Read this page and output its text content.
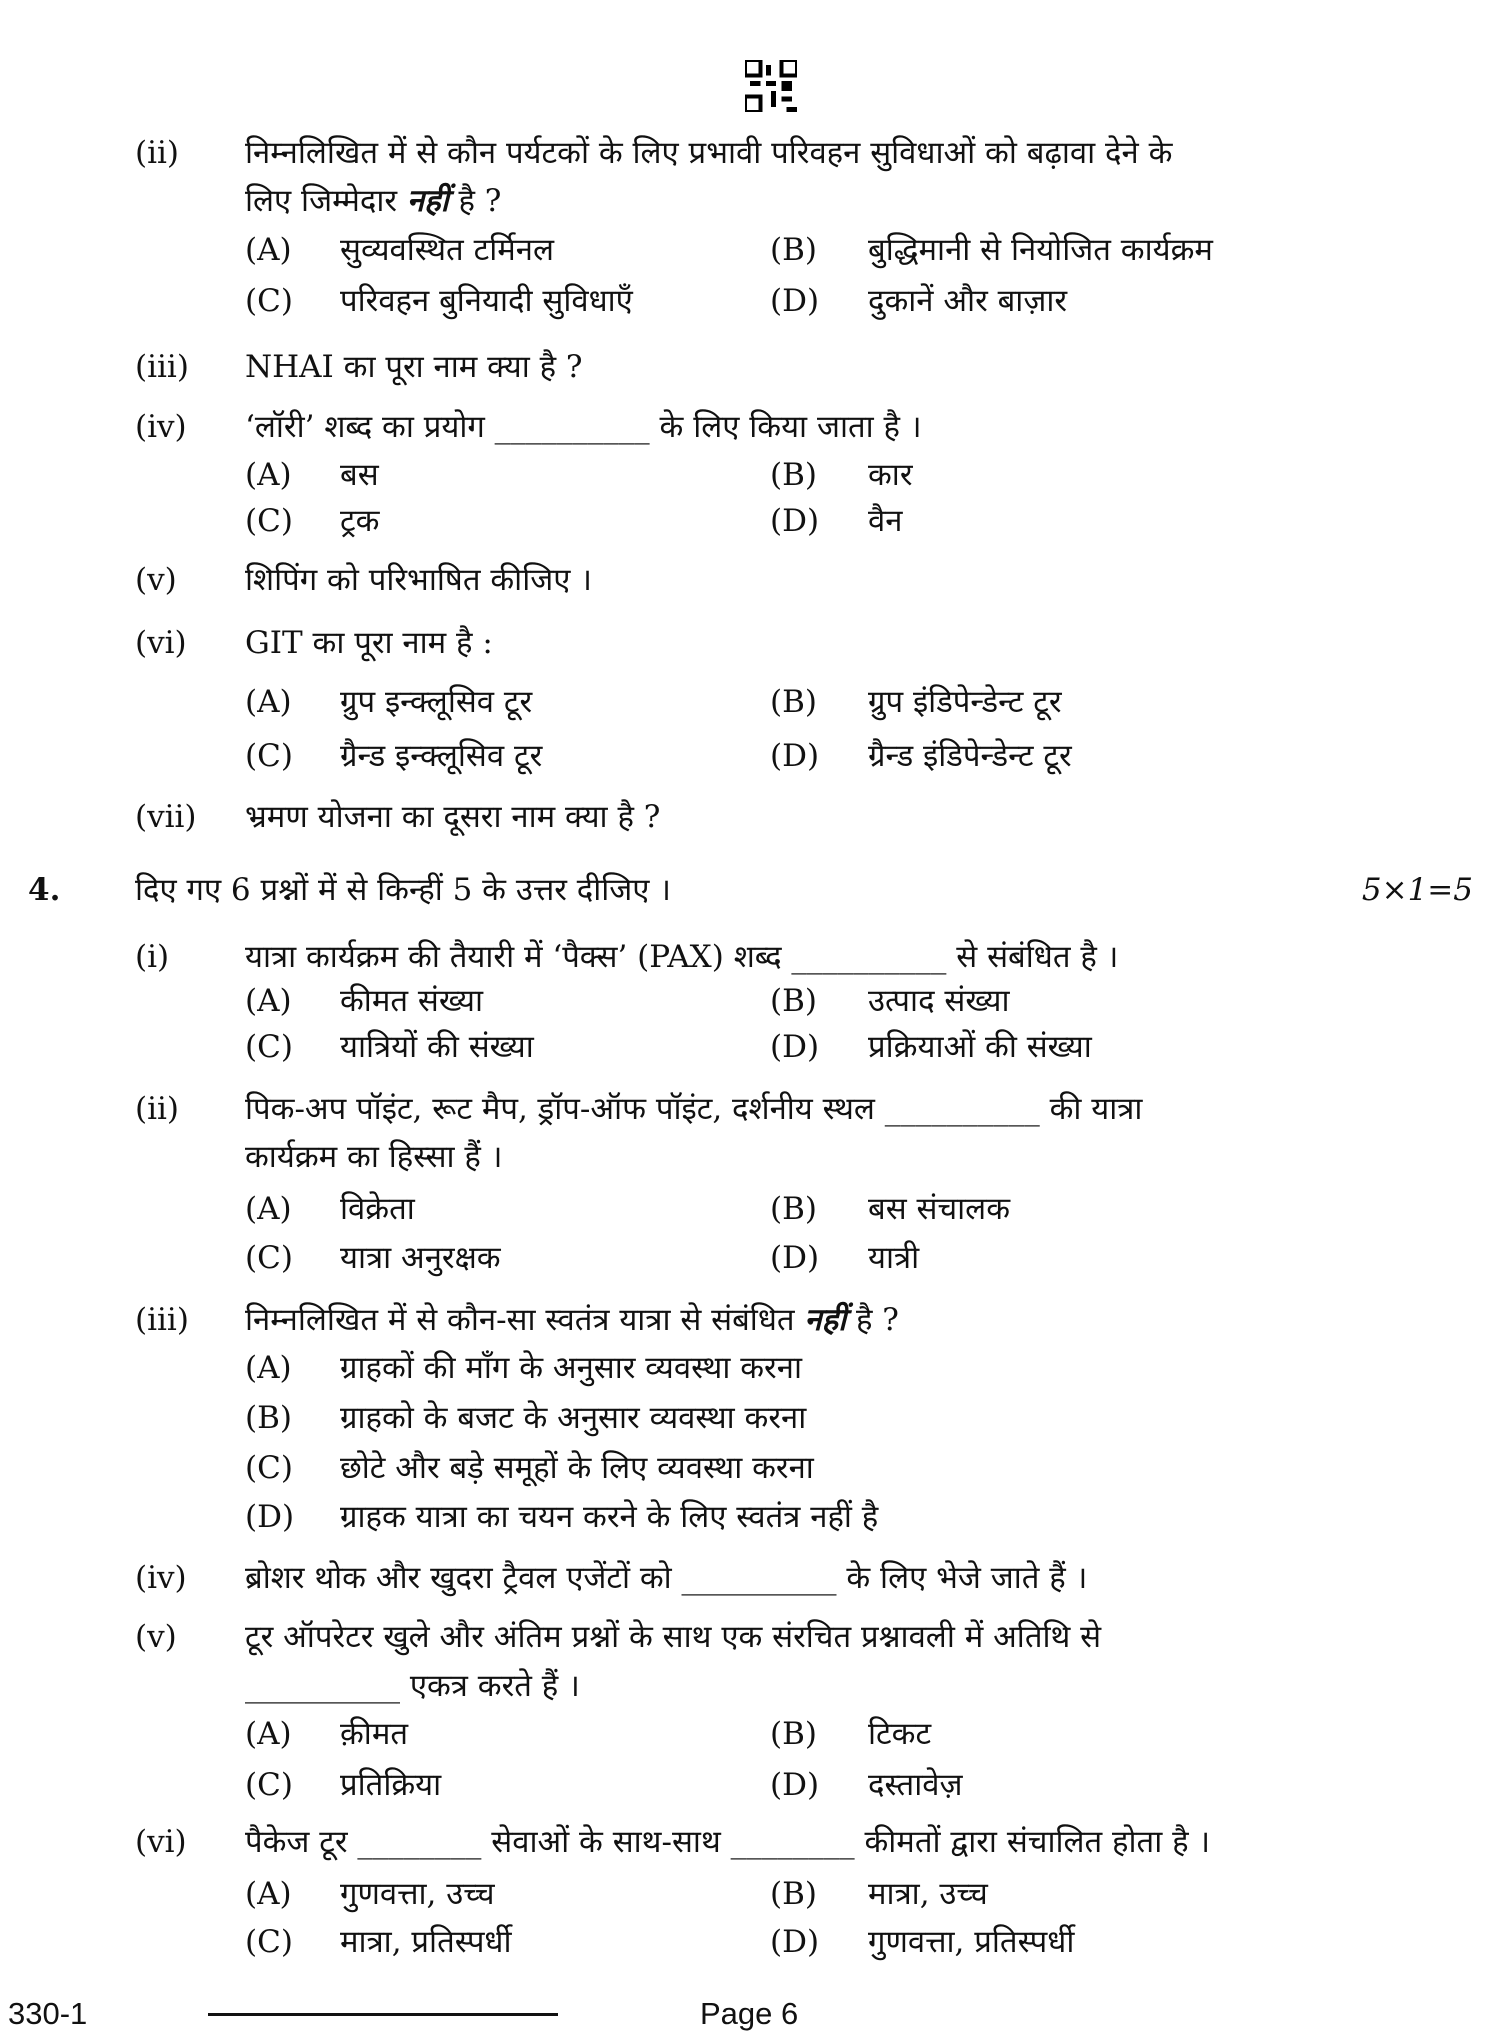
(ii) निम्नलिखित में से कौन पर्यटकों के लिए प्रभावी परिवहन सुविधाओं को बढ़ावा देने के
लिए जिम्मेदार नहीं है ?
(A) सुव्यवस्थित टर्मिनल	(B) बुद्धिमानी से नियोजित कार्यक्रम
(C) परिवहन बुनियादी सुविधाएँ	(D) दुकानें और बाज़ार
(iii) NHAI का पूरा नाम क्या है ?
(iv) ‘लॉरी’ शब्द का प्रयोग __________ के लिए किया जाता है ।
(A) बस	(B) कार
(C) ट्रक	(D) वैन
(v) शिपिंग को परिभाषित कीजिए ।
(vi) GIT का पूरा नाम है :
(A) ग्रुप इन्क्लूसिव टूर	(B) ग्रुप इंडिपेन्डेन्ट टूर
(C) ग्रैन्ड इन्क्लूसिव टूर	(D) ग्रैन्ड इंडिपेन्डेन्ट टूर
(vii) भ्रमण योजना का दूसरा नाम क्या है ?
4. दिए गए 6 प्रश्नों में से किन्हीं 5 के उत्तर दीजिए ।	5×1=5
(i) यात्रा कार्यक्रम की तैयारी में ‘पैक्स’ (PAX) शब्द __________ से संबंधित है ।
(A) कीमत संख्या	(B) उत्पाद संख्या
(C) यात्रियों की संख्या	(D) प्रक्रियाओं की संख्या
(ii) पिक-अप पॉइंट, रूट मैप, ड्रॉप-ऑफ पॉइंट, दर्शनीय स्थल __________ की यात्रा
कार्यक्रम का हिस्सा हैं ।
(A) विक्रेता	(B) बस संचालक
(C) यात्रा अनुरक्षक	(D) यात्री
(iii) निम्नलिखित में से कौन-सा स्वतंत्र यात्रा से संबंधित नहीं है ?
(A) ग्राहकों की माँग के अनुसार व्यवस्था करना
(B) ग्राहको के बजट के अनुसार व्यवस्था करना
(C) छोटे और बड़े समूहों के लिए व्यवस्था करना
(D) ग्राहक यात्रा का चयन करने के लिए स्वतंत्र नहीं है
(iv) ब्रोशर थोक और खुदरा ट्रैवल एजेंटों को __________ के लिए भेजे जाते हैं ।
(v) टूर ऑपरेटर खुले और अंतिम प्रश्नों के साथ एक संरचित प्रश्नावली में अतिथि से
__________ एकत्र करते हैं ।
(A) क़ीमत	(B) टिकट
(C) प्रतिक्रिया	(D) दस्तावेज़
(vi) पैकेज टूर ________ सेवाओं के साथ-साथ ________ कीमतों द्वारा संचालित होता है ।
(A) गुणवत्ता, उच्च	(B) मात्रा, उच्च
(C) मात्रा, प्रतिस्पर्धी	(D) गुणवत्ता, प्रतिस्पर्धी
330-1	Page 6
